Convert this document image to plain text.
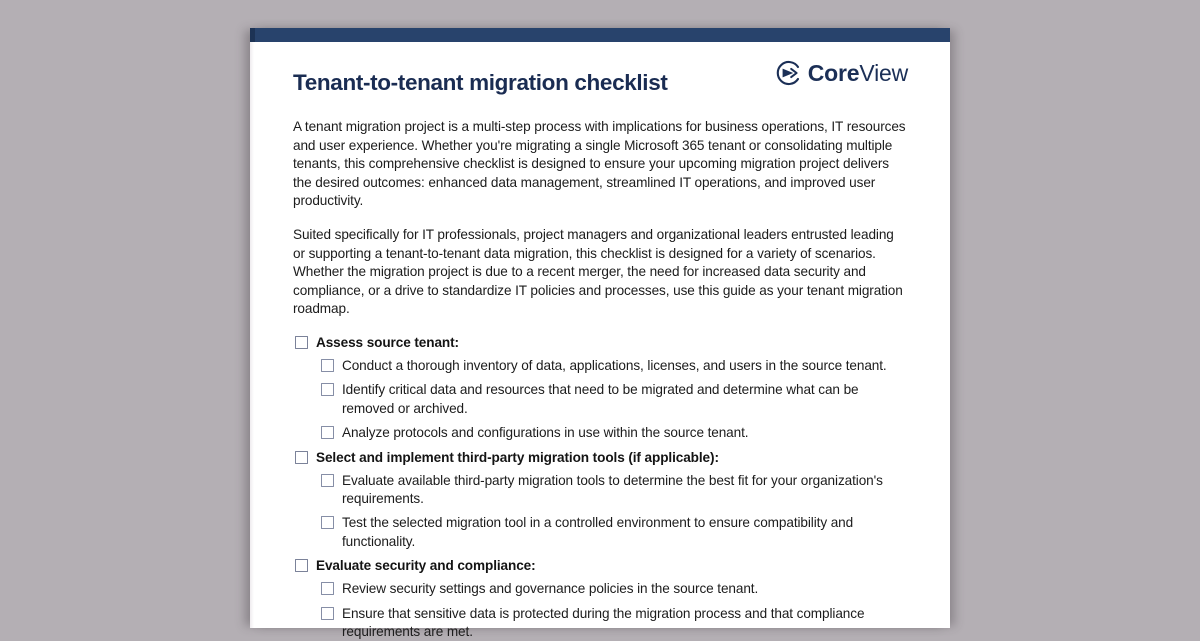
Tenant-to-tenant migration checklist	CoreView

A tenant migration project is a multi-step process with implications for business operations, IT resources and user experience. Whether you're migrating a single Microsoft 365 tenant or consolidating multiple tenants, this comprehensive checklist is designed to ensure your upcoming migration project delivers the desired outcomes: enhanced data management, streamlined IT operations, and improved user productivity.

Suited specifically for IT professionals, project managers and organizational leaders entrusted leading or supporting a tenant-to-tenant data migration, this checklist is designed for a variety of scenarios. Whether the migration project is due to a recent merger, the need for increased data security and compliance, or a drive to standardize IT policies and processes, use this guide as your tenant migration roadmap.

Assess source tenant:
Conduct a thorough inventory of data, applications, licenses, and users in the source tenant.
Identify critical data and resources that need to be migrated and determine what can be removed or archived.
Analyze protocols and configurations in use within the source tenant.
Select and implement third-party migration tools (if applicable):
Evaluate available third-party migration tools to determine the best fit for your organization's requirements.
Test the selected migration tool in a controlled environment to ensure compatibility and functionality.
Evaluate security and compliance:
Review security settings and governance policies in the source tenant.
Ensure that sensitive data is protected during the migration process and that compliance requirements are met.
